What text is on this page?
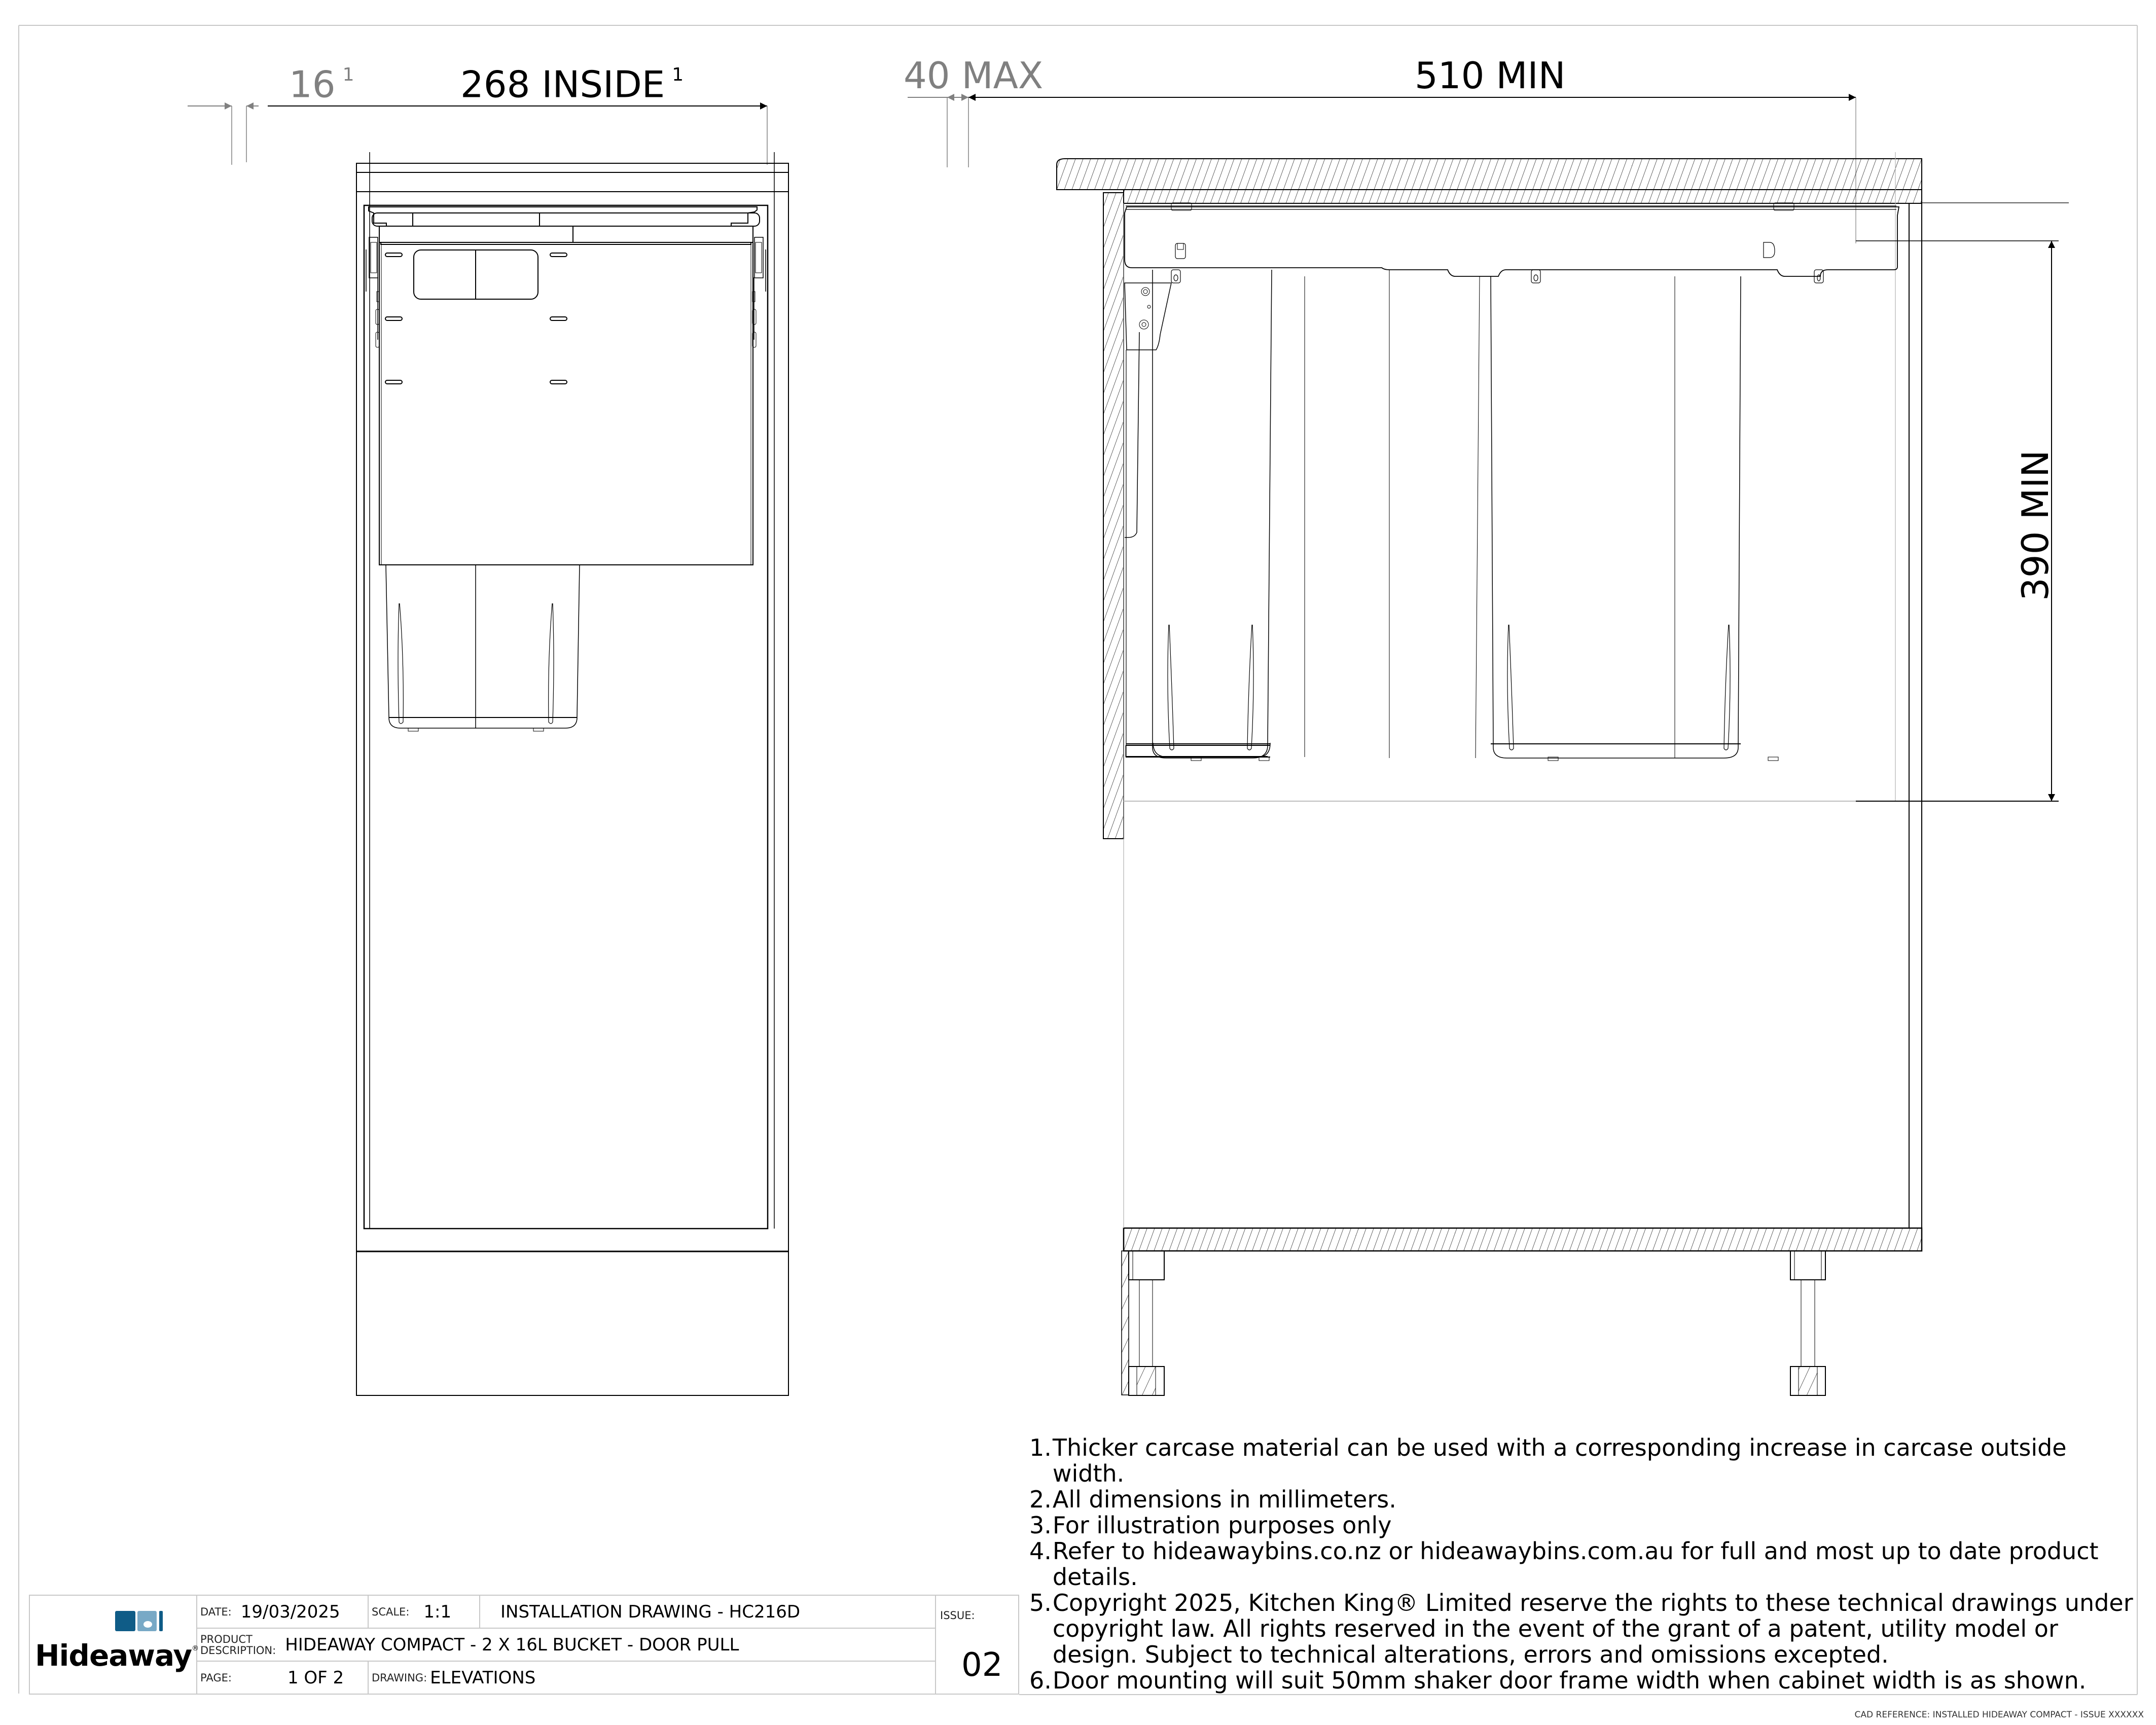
16 $^1$	268 INSIDE $^1$	40 MAX	510 MIN
390 MIN
1. Thicker carcase material can be used with a corresponding increase in carcase outside width.
2. All dimensions in millimeters.
3. For illustration purposes only
4. Refer to hideawaybins.co.nz or hideawaybins.com.au for full and most up to date product details.
5. Copyright 2025, Kitchen King® Limited reserve the rights to these technical drawings under copyright law. All rights reserved in the event of the grant of a patent, utility model or design. Subject to technical alterations, errors and omissions excepted.
6. Door mounting will suit 50mm shaker door frame width when cabinet width is as shown.
Hideaway®
DATE: 19/03/2025	SCALE: 1:1	INSTALLATION DRAWING - HC216D
PRODUCT
DESCRIPTION: HIDEAWAY COMPACT - 2 X 16L BUCKET - DOOR PULL
PAGE:	1 OF 2	DRAWING: ELEVATIONS
ISSUE:
02
CAD REFERENCE: INSTALLED HIDEAWAY COMPACT - ISSUE XXXXXX
